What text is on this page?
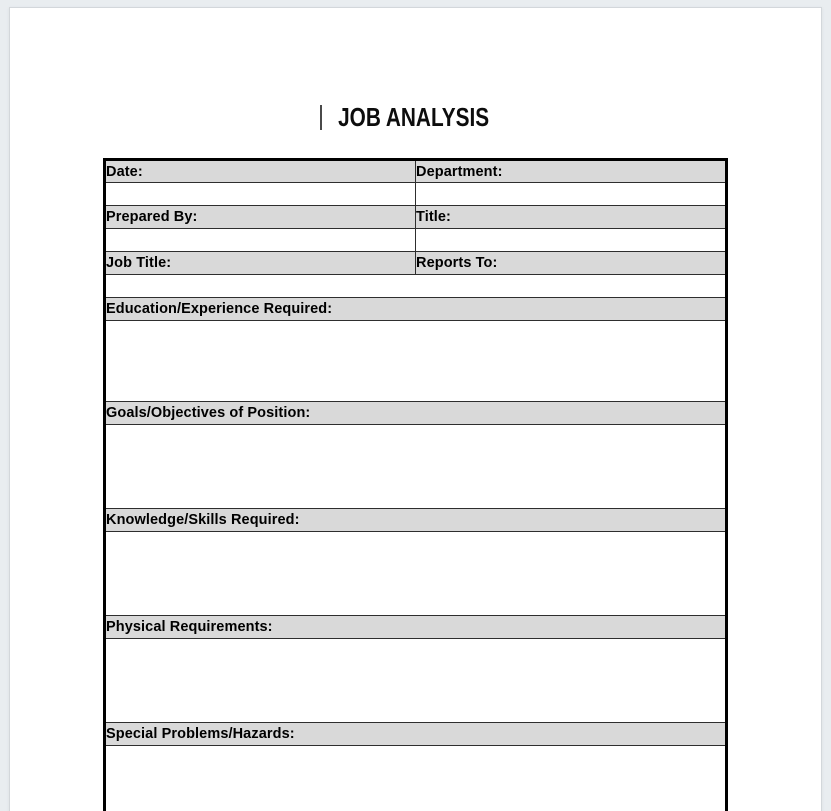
JOB ANALYSIS
Date:	Department:

Prepared By:	Title:

Job Title:	Reports To:

Education/Experience Required:	

Goals/Objectives of Position:	

Knowledge/Skills Required:	

Physical Requirements:	

Special Problems/Hazards:	
